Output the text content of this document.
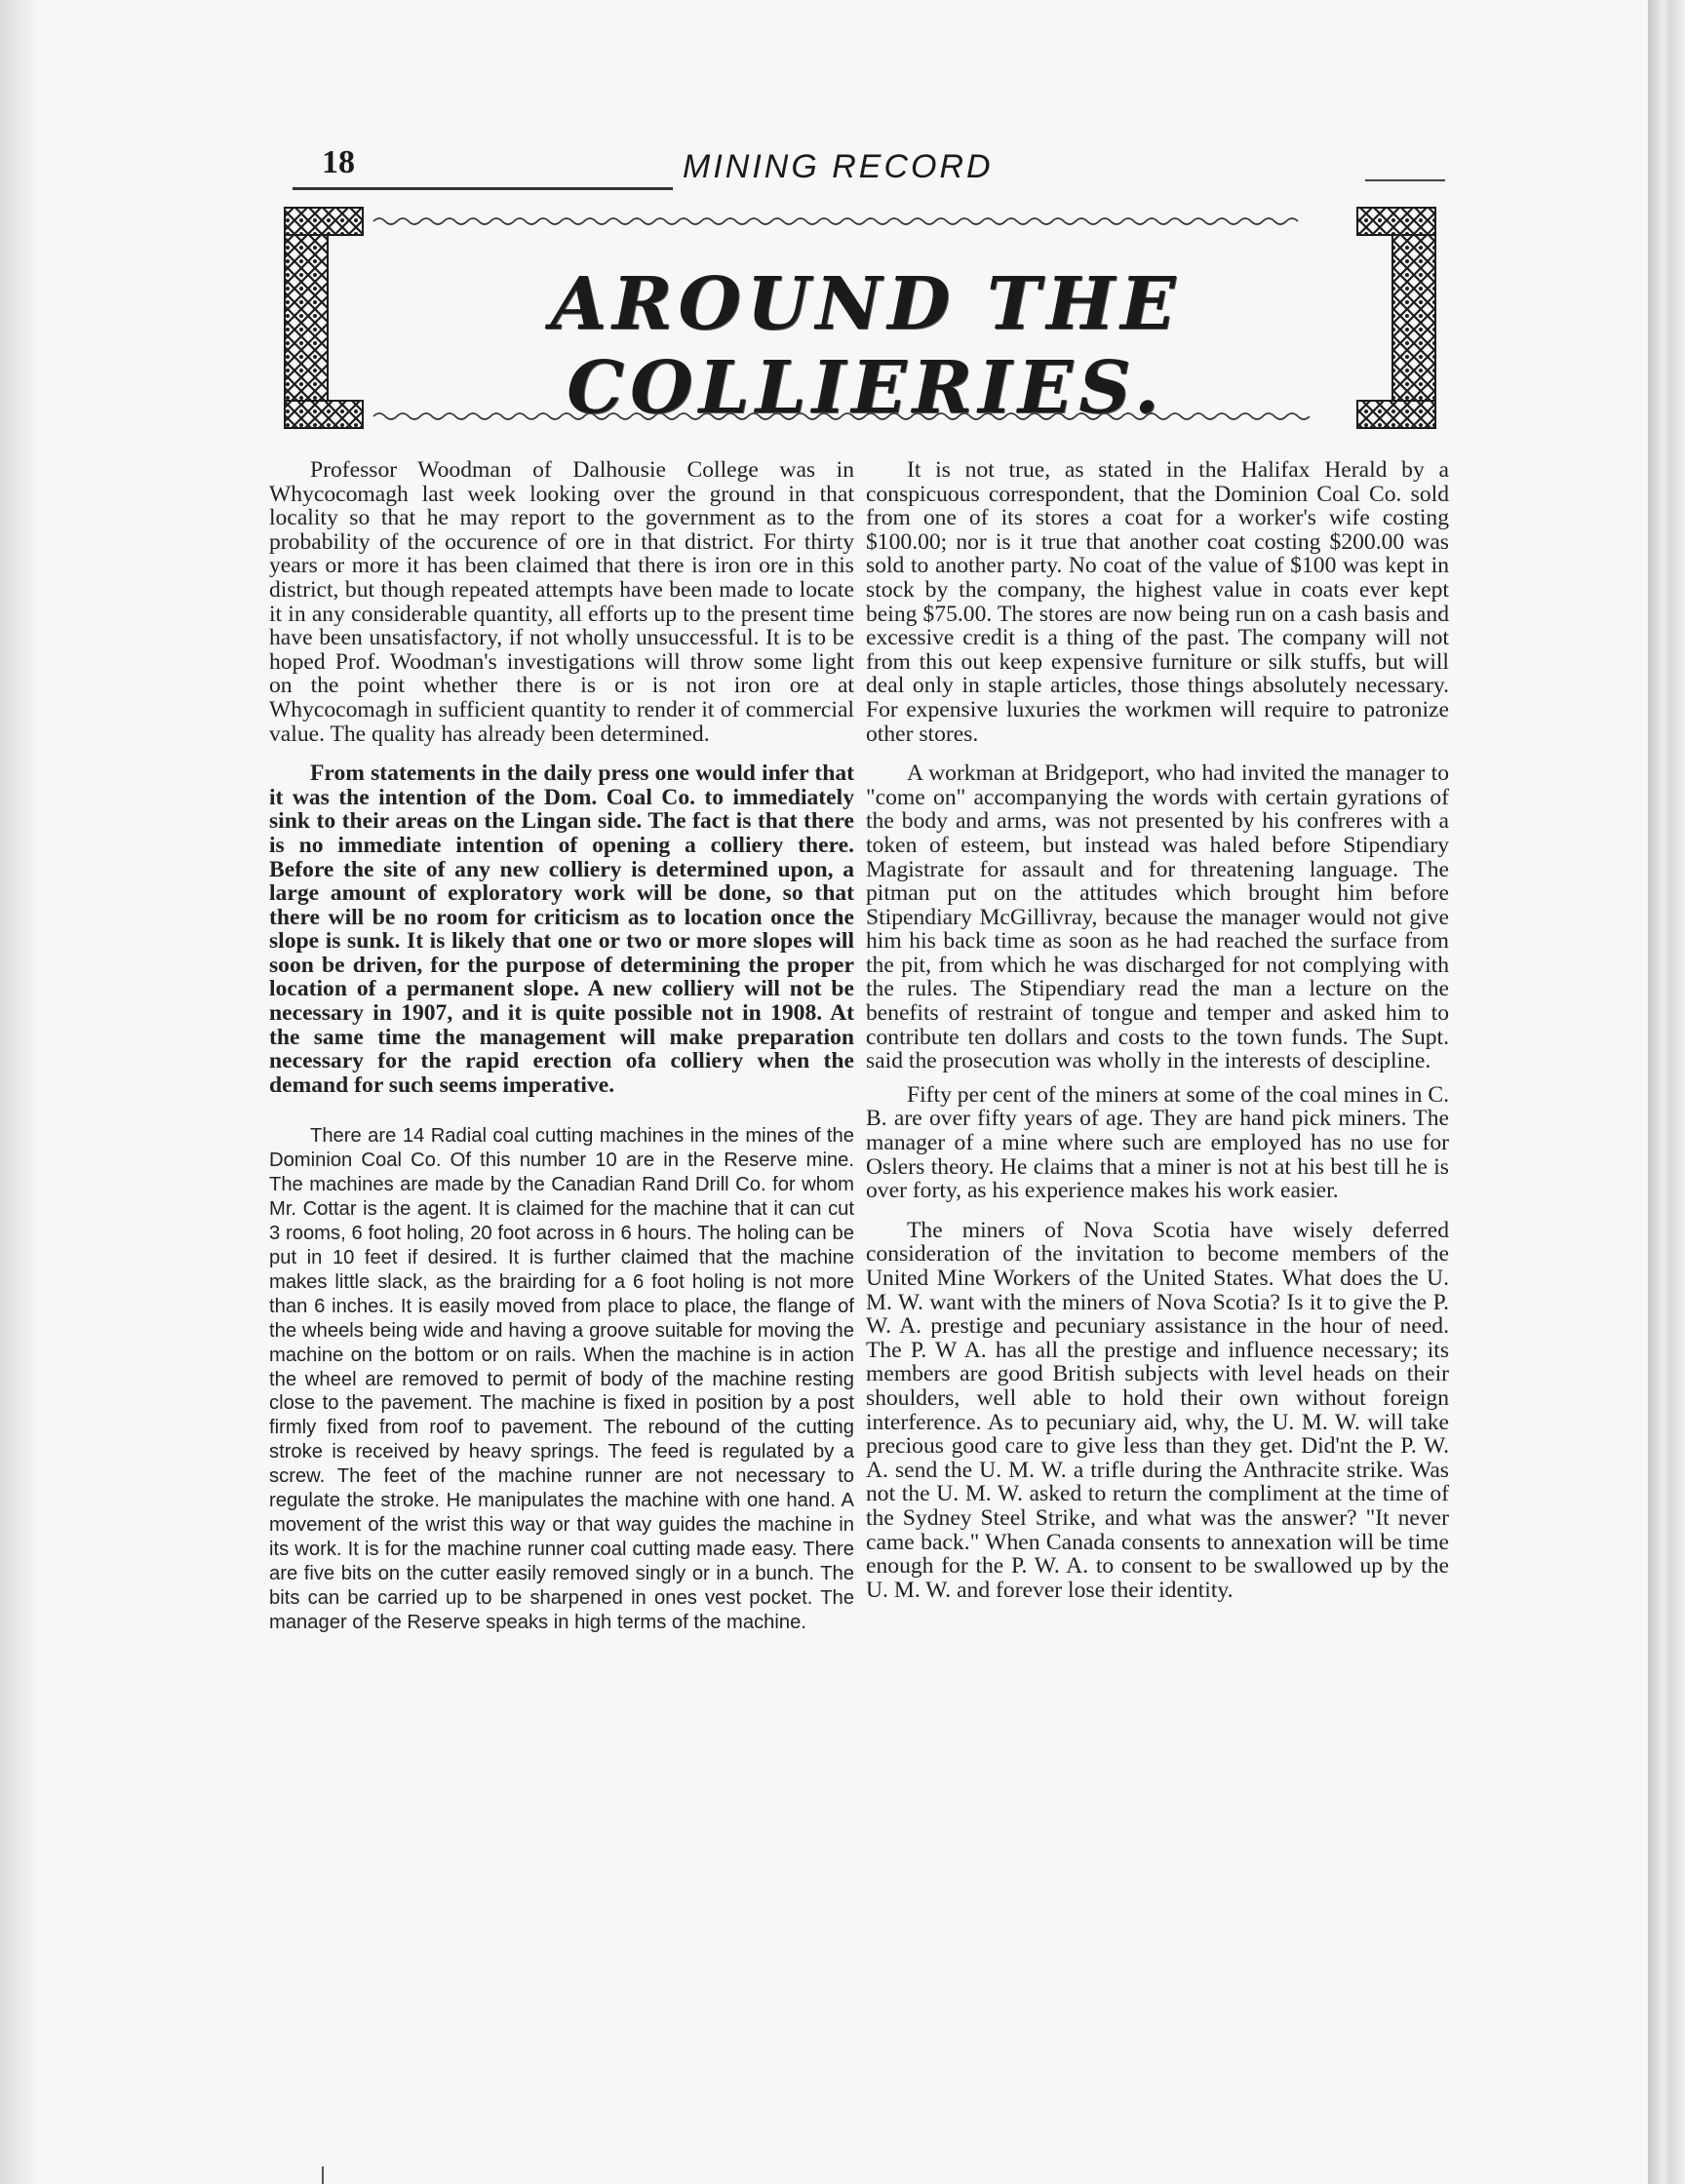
18	MINING RECORD
AROUND THE COLLIERIES.

Professor Woodman of Dalhousie College was in Whycocomagh last week looking over the ground in that locality so that he may report to the government as to the probability of the occurence of ore in that district. For thirty years or more it has been claimed that there is iron ore in this district, but though repeated attempts have been made to locate it in any considerable quantity, all efforts up to the present time have been unsatisfactory, if not wholly unsuccessful. It is to be hoped Prof. Woodman's investigations will throw some light on the point whether there is or is not iron ore at Whycocomagh in sufficient quantity to render it of commercial value. The quality has already been determined.

From statements in the daily press one would infer that it was the intention of the Dom. Coal Co. to immediately sink to their areas on the Lingan side. The fact is that there is no immediate intention of opening a colliery there. Before the site of any new colliery is determined upon, a large amount of exploratory work will be done, so that there will be no room for criticism as to location once the slope is sunk. It is likely that one or two or more slopes will soon be driven, for the purpose of determining the proper location of a permanent slope. A new colliery will not be necessary in 1907, and it is quite possible not in 1908. At the same time the management will make preparation necessary for the rapid erection ofa colliery when the demand for such seems imperative.

There are 14 Radial coal cutting machines in the mines of the Dominion Coal Co. Of this number 10 are in the Reserve mine. The machines are made by the Canadian Rand Drill Co. for whom Mr. Cottar is the agent. It is claimed for the machine that it can cut 3 rooms, 6 foot holing, 20 foot across in 6 hours. The holing can be put in 10 feet if desired. It is further claimed that the machine makes little slack, as the brairding for a 6 foot holing is not more than 6 inches. It is easily moved from place to place, the flange of the wheels being wide and having a groove suitable for moving the machine on the bottom or on rails. When the machine is in action the wheel are removed to permit of body of the machine resting close to the pavement. The machine is fixed in position by a post firmly fixed from roof to pavement. The rebound of the cutting stroke is received by heavy springs. The feed is regulated by a screw. The feet of the machine runner are not necessary to regulate the stroke. He manipulates the machine with one hand. A movement of the wrist this way or that way guides the machine in its work. It is for the machine runner coal cutting made easy. There are five bits on the cutter easily removed singly or in a bunch. The bits can be carried up to be sharpened in ones vest pocket. The manager of the Reserve speaks in high terms of the machine.

It is not true, as stated in the Halifax Herald by a conspicuous correspondent, that the Dominion Coal Co. sold from one of its stores a coat for a worker's wife costing $100.00; nor is it true that another coat costing $200.00 was sold to another party. No coat of the value of $100 was kept in stock by the company, the highest value in coats ever kept being $75.00. The stores are now being run on a cash basis and excessive credit is a thing of the past. The company will not from this out keep expensive furniture or silk stuffs, but will deal only in staple articles, those things absolutely necessary. For expensive luxuries the workmen will require to patronize other stores.

A workman at Bridgeport, who had invited the manager to "come on" accompanying the words with certain gyrations of the body and arms, was not presented by his confreres with a token of esteem, but instead was haled before Stipendiary Magistrate for assault and for threatening language. The pitman put on the attitudes which brought him before Stipendiary McGillivray, because the manager would not give him his back time as soon as he had reached the surface from the pit, from which he was discharged for not complying with the rules. The Stipendiary read the man a lecture on the benefits of restraint of tongue and temper and asked him to contribute ten dollars and costs to the town funds. The Supt. said the prosecution was wholly in the interests of descipline.

Fifty per cent of the miners at some of the coal mines in C. B. are over fifty years of age. They are hand pick miners. The manager of a mine where such are employed has no use for Oslers theory. He claims that a miner is not at his best till he is over forty, as his experience makes his work easier.

The miners of Nova Scotia have wisely deferred consideration of the invitation to become members of the United Mine Workers of the United States. What does the U. M. W. want with the miners of Nova Scotia? Is it to give the P. W. A. prestige and pecuniary assistance in the hour of need. The P. W A. has all the prestige and influence necessary; its members are good British subjects with level heads on their shoulders, well able to hold their own without foreign interference. As to pecuniary aid, why, the U. M. W. will take precious good care to give less than they get. Did'nt the P. W. A. send the U. M. W. a trifle during the Anthracite strike. Was not the U. M. W. asked to return the compliment at the time of the Sydney Steel Strike, and what was the answer? "It never came back." When Canada consents to annexation will be time enough for the P. W. A. to consent to be swallowed up by the U. M. W. and forever lose their identity.
